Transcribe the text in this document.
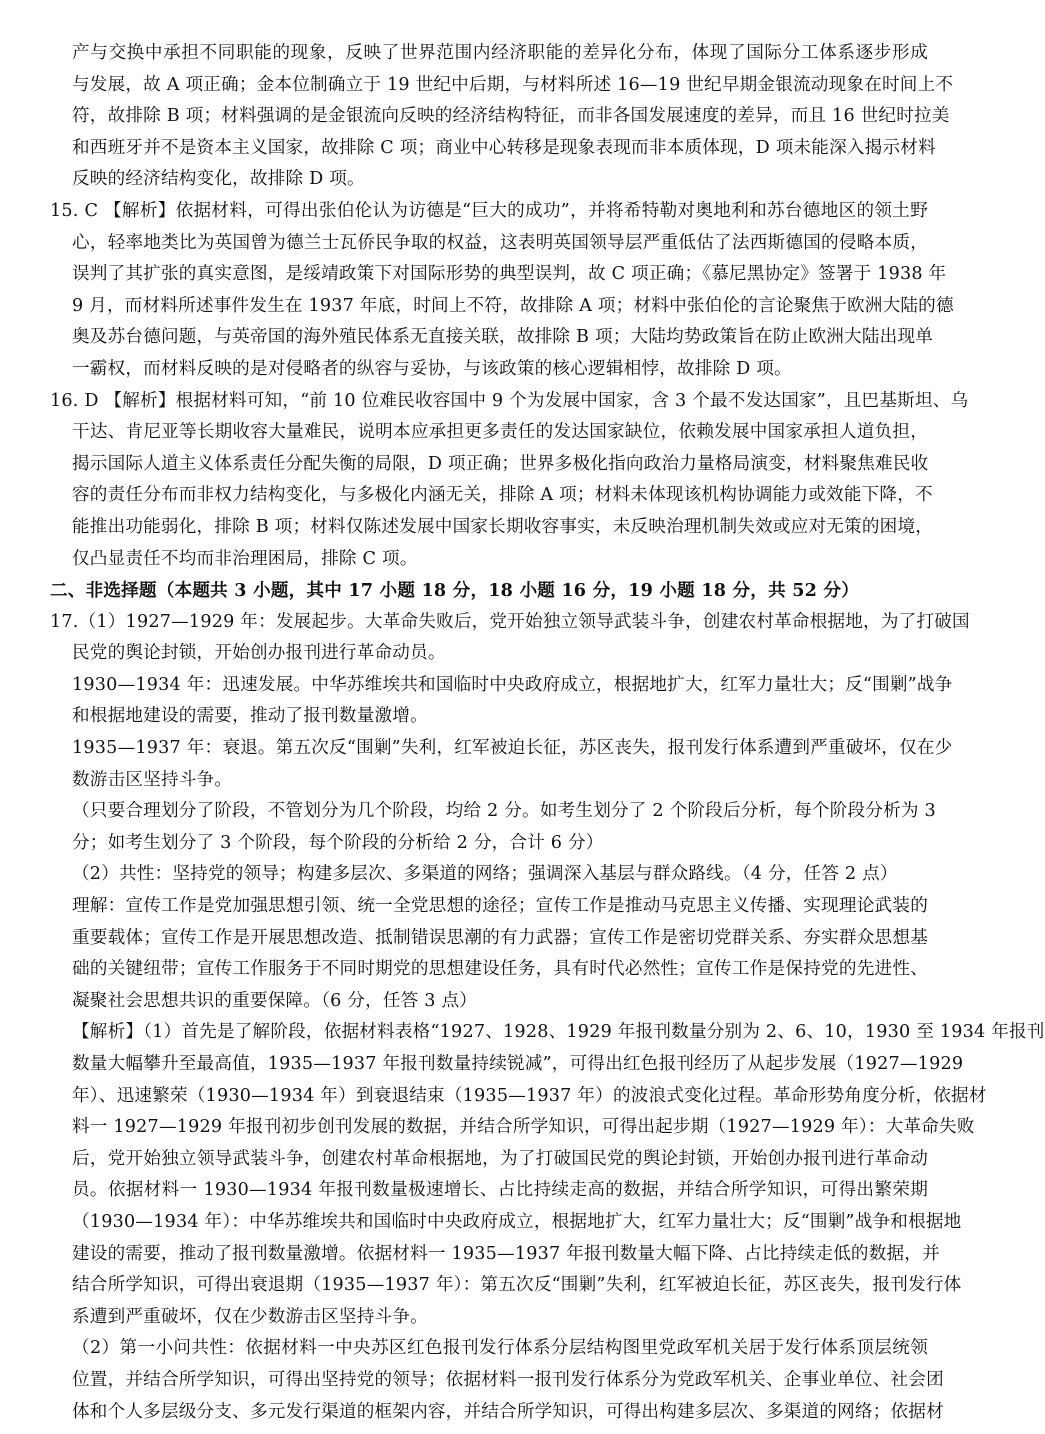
产与交换中承担不同职能的现象，反映了世界范围内经济职能的差异化分布，体现了国际分工体系逐步形成
与发展，故 A 项正确；金本位制确立于 19 世纪中后期，与材料所述 16—19 世纪早期金银流动现象在时间上不
符，故排除 B 项；材料强调的是金银流向反映的经济结构特征，而非各国发展速度的差异，而且 16 世纪时拉美
和西班牙并不是资本主义国家，故排除 C 项；商业中心转移是现象表现而非本质体现，D 项未能深入揭示材料
反映的经济结构变化，故排除 D 项。
15. C 【解析】依据材料，可得出张伯伦认为访德是“巨大的成功”，并将希特勒对奥地利和苏台德地区的领土野
心，轻率地类比为英国曾为德兰士瓦侨民争取的权益，这表明英国领导层严重低估了法西斯德国的侵略本质，
误判了其扩张的真实意图，是绥靖政策下对国际形势的典型误判，故 C 项正确；《慕尼黑协定》签署于 1938 年
9 月，而材料所述事件发生在 1937 年底，时间上不符，故排除 A 项；材料中张伯伦的言论聚焦于欧洲大陆的德
奥及苏台德问题，与英帝国的海外殖民体系无直接关联，故排除 B 项；大陆均势政策旨在防止欧洲大陆出现单
一霸权，而材料反映的是对侵略者的纵容与妥协，与该政策的核心逻辑相悖，故排除 D 项。
16. D 【解析】根据材料可知，“前 10 位难民收容国中 9 个为发展中国家，含 3 个最不发达国家”，且巴基斯坦、乌
干达、肯尼亚等长期收容大量难民，说明本应承担更多责任的发达国家缺位，依赖发展中国家承担人道负担，
揭示国际人道主义体系责任分配失衡的局限，D 项正确；世界多极化指向政治力量格局演变，材料聚焦难民收
容的责任分布而非权力结构变化，与多极化内涵无关，排除 A 项；材料未体现该机构协调能力或效能下降，不
能推出功能弱化，排除 B 项；材料仅陈述发展中国家长期收容事实，未反映治理机制失效或应对无策的困境，
仅凸显责任不均而非治理困局，排除 C 项。
二、非选择题（本题共 3 小题，其中 17 小题 18 分，18 小题 16 分，19 小题 18 分，共 52 分）
17.（1）1927—1929 年：发展起步。大革命失败后，党开始独立领导武装斗争，创建农村革命根据地，为了打破国
民党的舆论封锁，开始创办报刊进行革命动员。
1930—1934 年：迅速发展。中华苏维埃共和国临时中央政府成立，根据地扩大，红军力量壮大；反“围剿”战争
和根据地建设的需要，推动了报刊数量激增。
1935—1937 年：衰退。第五次反“围剿”失利，红军被迫长征，苏区丧失，报刊发行体系遭到严重破坏，仅在少
数游击区坚持斗争。
（只要合理划分了阶段，不管划分为几个阶段，均给 2 分。如考生划分了 2 个阶段后分析，每个阶段分析为 3
分；如考生划分了 3 个阶段，每个阶段的分析给 2 分，合计 6 分）
（2）共性：坚持党的领导；构建多层次、多渠道的网络；强调深入基层与群众路线。（4 分，任答 2 点）
理解：宣传工作是党加强思想引领、统一全党思想的途径；宣传工作是推动马克思主义传播、实现理论武装的
重要载体；宣传工作是开展思想改造、抵制错误思潮的有力武器；宣传工作是密切党群关系、夯实群众思想基
础的关键纽带；宣传工作服务于不同时期党的思想建设任务，具有时代必然性；宣传工作是保持党的先进性、
凝聚社会思想共识的重要保障。（6 分，任答 3 点）
【解析】（1）首先是了解阶段，依据材料表格“1927、1928、1929 年报刊数量分别为 2、6、10，1930 至 1934 年报刊
数量大幅攀升至最高值，1935—1937 年报刊数量持续锐减”，可得出红色报刊经历了从起步发展（1927—1929
年）、迅速繁荣（1930—1934 年）到衰退结束（1935—1937 年）的波浪式变化过程。革命形势角度分析，依据材
料一 1927—1929 年报刊初步创刊发展的数据，并结合所学知识，可得出起步期（1927—1929 年）：大革命失败
后，党开始独立领导武装斗争，创建农村革命根据地，为了打破国民党的舆论封锁，开始创办报刊进行革命动
员。依据材料一 1930—1934 年报刊数量极速增长、占比持续走高的数据，并结合所学知识，可得出繁荣期
（1930—1934 年）：中华苏维埃共和国临时中央政府成立，根据地扩大，红军力量壮大；反“围剿”战争和根据地
建设的需要，推动了报刊数量激增。依据材料一 1935—1937 年报刊数量大幅下降、占比持续走低的数据，并
结合所学知识，可得出衰退期（1935—1937 年）：第五次反“围剿”失利，红军被迫长征，苏区丧失，报刊发行体
系遭到严重破坏，仅在少数游击区坚持斗争。
（2）第一小问共性：依据材料一中央苏区红色报刊发行体系分层结构图里党政军机关居于发行体系顶层统领
位置，并结合所学知识，可得出坚持党的领导；依据材料一报刊发行体系分为党政军机关、企事业单位、社会团
体和个人多层级分支、多元发行渠道的框架内容，并结合所学知识，可得出构建多层次、多渠道的网络；依据材
